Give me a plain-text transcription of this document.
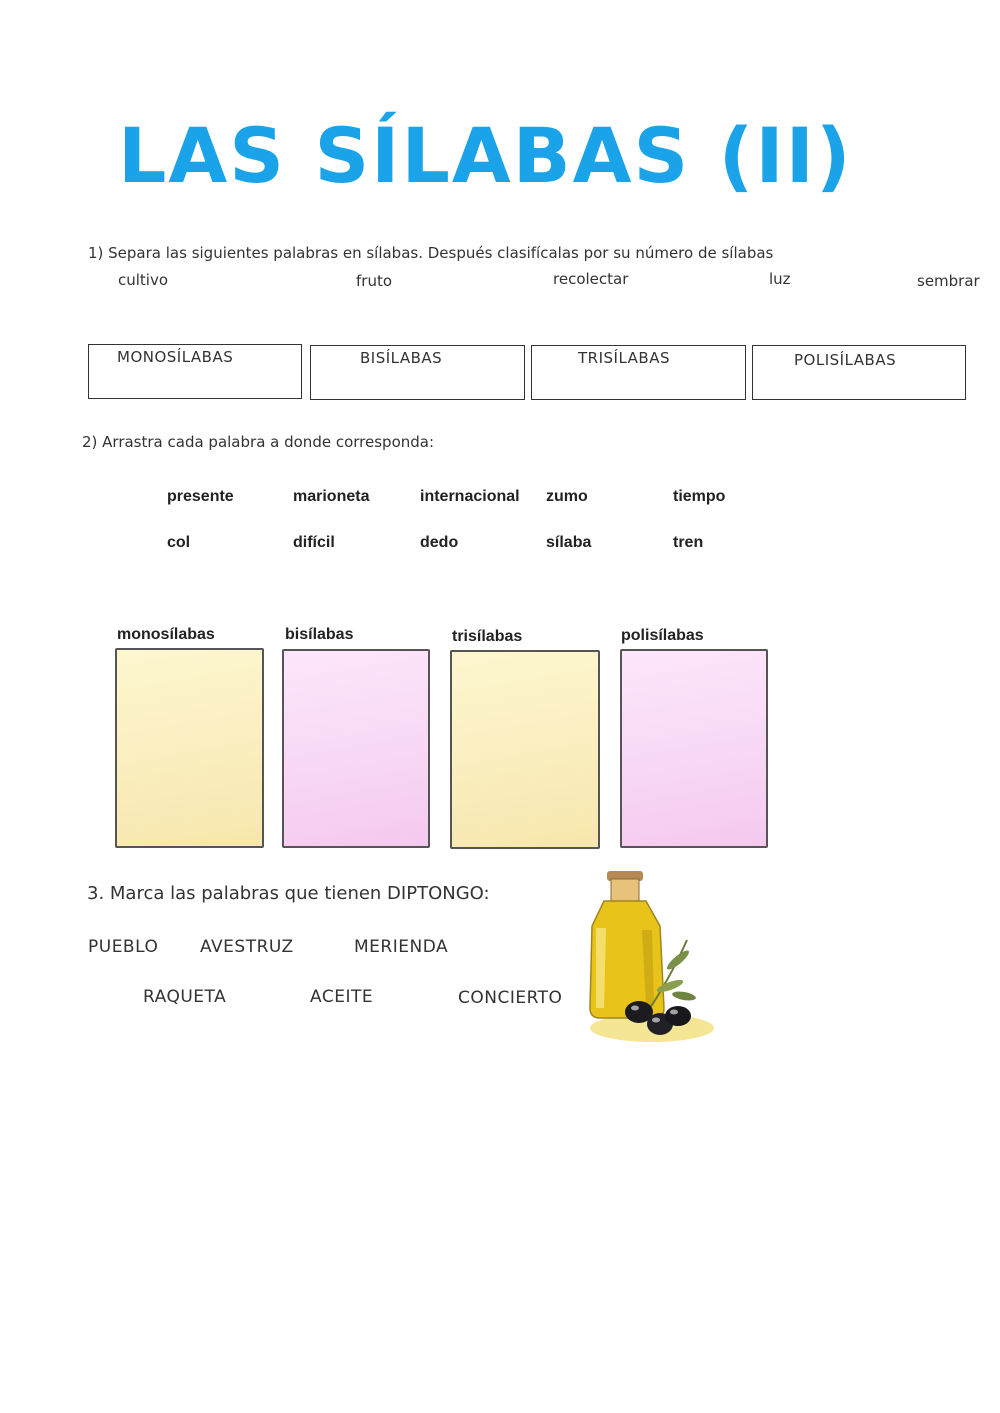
LAS SÍLABAS (II)
1) Separa las siguientes palabras en sílabas. Después clasifícalas por su número de sílabas
cultivo	fruto	recolectar	luz	sembrar
MONOSÍLABAS	BISÍLABAS	TRISÍLABAS	POLISÍLABAS
2) Arrastra cada palabra a donde corresponda:
presente	marioneta	internacional zumo	tiempo
col	difícil	dedo	sílaba	tren
monosílabas	bisílabas	trisílabas	polisílabas
3. Marca las palabras que tienen DIPTONGO:
PUEBLO AVESTRUZ	MERIENDA
RAQUETA	ACEITE	CONCIERTO
